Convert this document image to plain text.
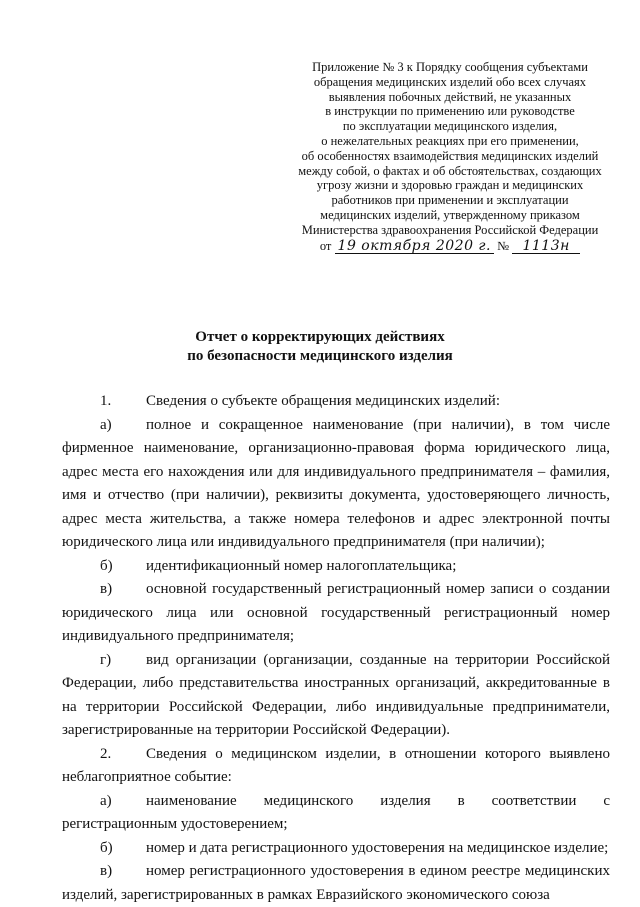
Приложение № 3 к Порядку сообщения субъектами
обращения медицинских изделий обо всех случаях
выявления побочных действий, не указанных
в инструкции по применению или руководстве
по эксплуатации медицинского изделия,
о нежелательных реакциях при его применении,
об особенностях взаимодействия медицинских изделий
между собой, о фактах и об обстоятельствах, создающих
угрозу жизни и здоровью граждан и медицинских
работников при применении и эксплуатации
медицинских изделий, утвержденному приказом
Министерства здравоохранения Российской Федерации
от 19 октября 2020 г. № 1113н
Отчет о корректирующих действиях
по безопасности медицинского изделия

1. Сведения о субъекте обращения медицинских изделий:

а) полное и сокращенное наименование (при наличии), в том числе фирменное наименование, организационно-правовая форма юридического лица, адрес места его нахождения или для индивидуального предпринимателя – фамилия, имя и отчество (при наличии), реквизиты документа, удостоверяющего личность, адрес места жительства, а также номера телефонов и адрес электронной почты юридического лица или индивидуального предпринимателя (при наличии);

б) идентификационный номер налогоплательщика;

в) основной государственный регистрационный номер записи о создании юридического лица или основной государственный регистрационный номер индивидуального предпринимателя;

г) вид организации (организации, созданные на территории Российской Федерации, либо представительства иностранных организаций, аккредитованные в на территории Российской Федерации, либо индивидуальные предприниматели, зарегистрированные на территории Российской Федерации).

2. Сведения о медицинском изделии, в отношении которого выявлено неблагоприятное событие:

а) наименование медицинского изделия в соответствии с регистрационным удостоверением;

б) номер и дата регистрационного удостоверения на медицинское изделие;

в) номер регистрационного удостоверения в едином реестре медицинских изделий, зарегистрированных в рамках Евразийского экономического союза
